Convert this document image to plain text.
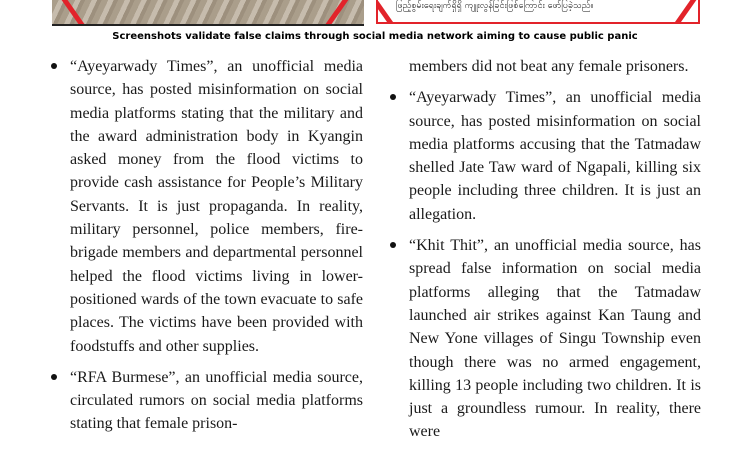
ဖြည့်စွမ်းရေးချက်ရှိရှိ ကျူးလွန်ခြင်းဖြစ်ကြောင်း ဖော်ပြခဲ့သည်။
Screenshots validate false claims through social media network aiming to cause public panic

“Ayeyarwady Times”, an unofficial media source, has posted misinformation on social media platforms stating that the military and the award administration body in Kyangin asked money from the flood victims to provide cash assistance for People’s Military Servants. It is just propaganda. In reality, military personnel, police members, fire-brigade members and departmental personnel helped the flood victims living in lower-positioned wards of the town evacuate to safe places. The victims have been provided with foodstuffs and other supplies.

“RFA Burmese”, an unofficial media source, circulated rumors on social media platforms stating that female prison-

members did not beat any female prisoners.

“Ayeyarwady Times”, an unofficial media source, has posted misinformation on social media platforms accusing that the Tatmadaw shelled Jate Taw ward of Ngapali, killing six people including three children. It is just an allegation.

“Khit Thit”, an unofficial media source, has spread false information on social media platforms alleging that the Tatmadaw launched air strikes against Kan Taung and New Yone villages of Singu Township even though there was no armed engagement, killing 13 people including two children. It is just a groundless rumour. In reality, there were
